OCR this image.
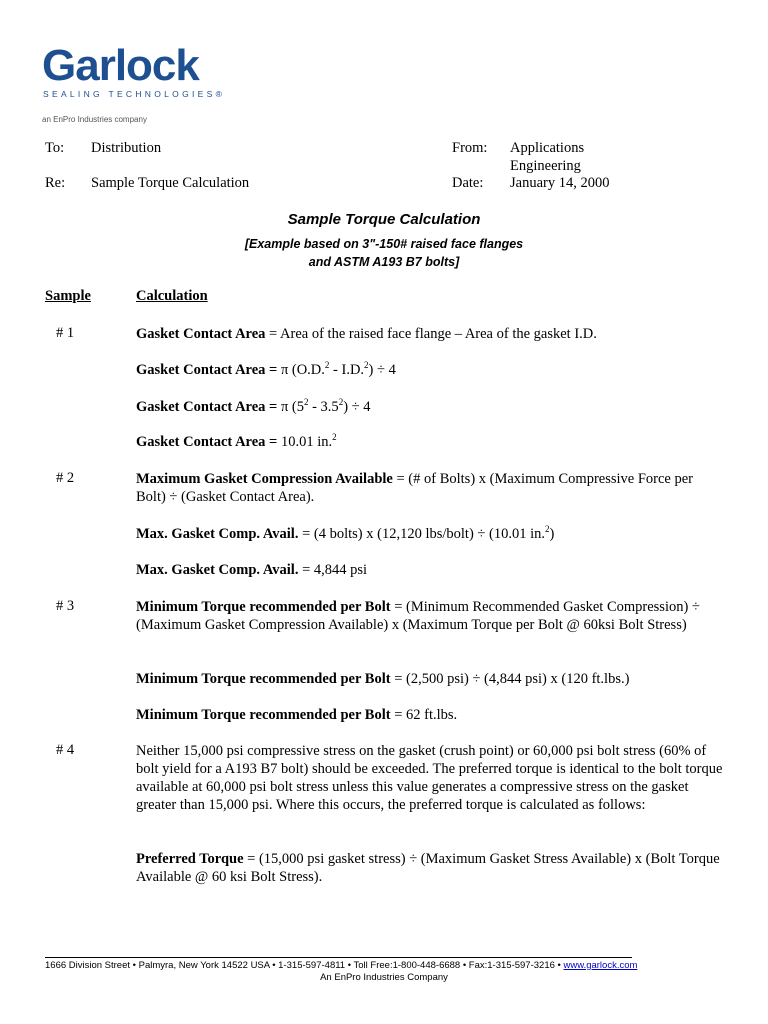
Garlock
SEALING TECHNOLOGIES®
an EnPro Industries company
To: Distribution
Re: Sample Torque Calculation
From: Applications
Engineering
Date: January 14, 2000
Sample Torque Calculation
[Example based on 3"-150# raised face flanges
and ASTM A193 B7 bolts]
Sample	Calculation
# 1	Gasket Contact Area = Area of the raised face flange – Area of the gasket I.D.
Gasket Contact Area = π (O.D.$^2$ - I.D.$^2$) ÷ 4
Gasket Contact Area = π $(5^2 - 3.5^2) \div 4$
Gasket Contact Area = 10.01 in.$^2$
# 2	Maximum Gasket Compression Available = (# of Bolts) x (Maximum Compressive Force per Bolt) ÷ (Gasket Contact Area).
Max. Gasket Comp. Avail. = (4 bolts) x (12,120 lbs/bolt) ÷ (10.01 in.$^2$)
Max. Gasket Comp. Avail. = 4,844 psi
# 3	Minimum Torque recommended per Bolt = (Minimum Recommended Gasket Compression) ÷ (Maximum Gasket Compression Available) x (Maximum Torque per Bolt @ 60ksi Bolt Stress)
Minimum Torque recommended per Bolt = (2,500 psi) ÷ (4,844 psi) x (120 ft.lbs.)
Minimum Torque recommended per Bolt = 62 ft.lbs.
# 4	Neither 15,000 psi compressive stress on the gasket (crush point) or 60,000 psi bolt stress (60% of bolt yield for a A193 B7 bolt) should be exceeded. The preferred torque is identical to the bolt torque available at 60,000 psi bolt stress unless this value generates a compressive stress on the gasket greater than 15,000 psi. Where this occurs, the preferred torque is calculated as follows:
Preferred Torque = (15,000 psi gasket stress) ÷ (Maximum Gasket Stress Available) x (Bolt Torque Available @ 60 ksi Bolt Stress).
1666 Division Street • Palmyra, New York 14522 USA • 1-315-597-4811 • Toll Free:1-800-448-6688 • Fax:1-315-597-3216 • www.garlock.com
An EnPro Industries Company
